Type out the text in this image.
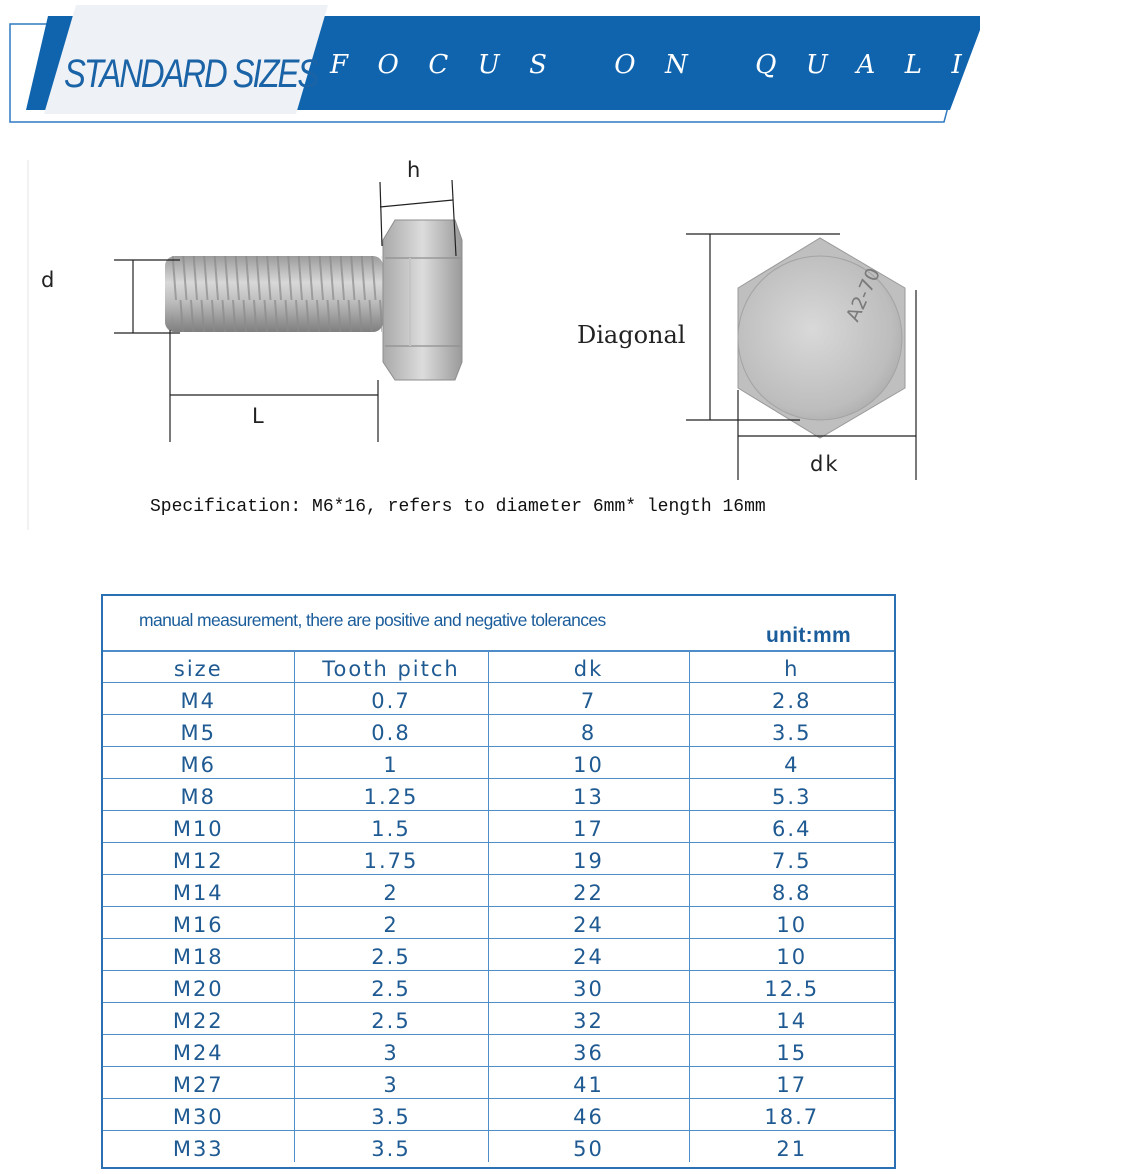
STANDARD SIZES FOCUS ON QUALITYE
h
d
L
Diagonal
dk
A2-70
Specification: M6*16, refers to diameter 6mm* length 16mm
manual measurement, there are positive and negative tolerances
unit:mm
size	Tooth pitch	dk	h
M4	0.7	7	2.8
M5	0.8	8	3.5
M6	1	10	4
M8	1.25	13	5.3
M10	1.5	17	6.4
M12	1.75	19	7.5
M14	2	22	8.8
M16	2	24	10
M18	2.5	24	10
M20	2.5	30	12.5
M22	2.5	32	14
M24	3	36	15
M27	3	41	17
M30	3.5	46	18.7
M33	3.5	50	21
